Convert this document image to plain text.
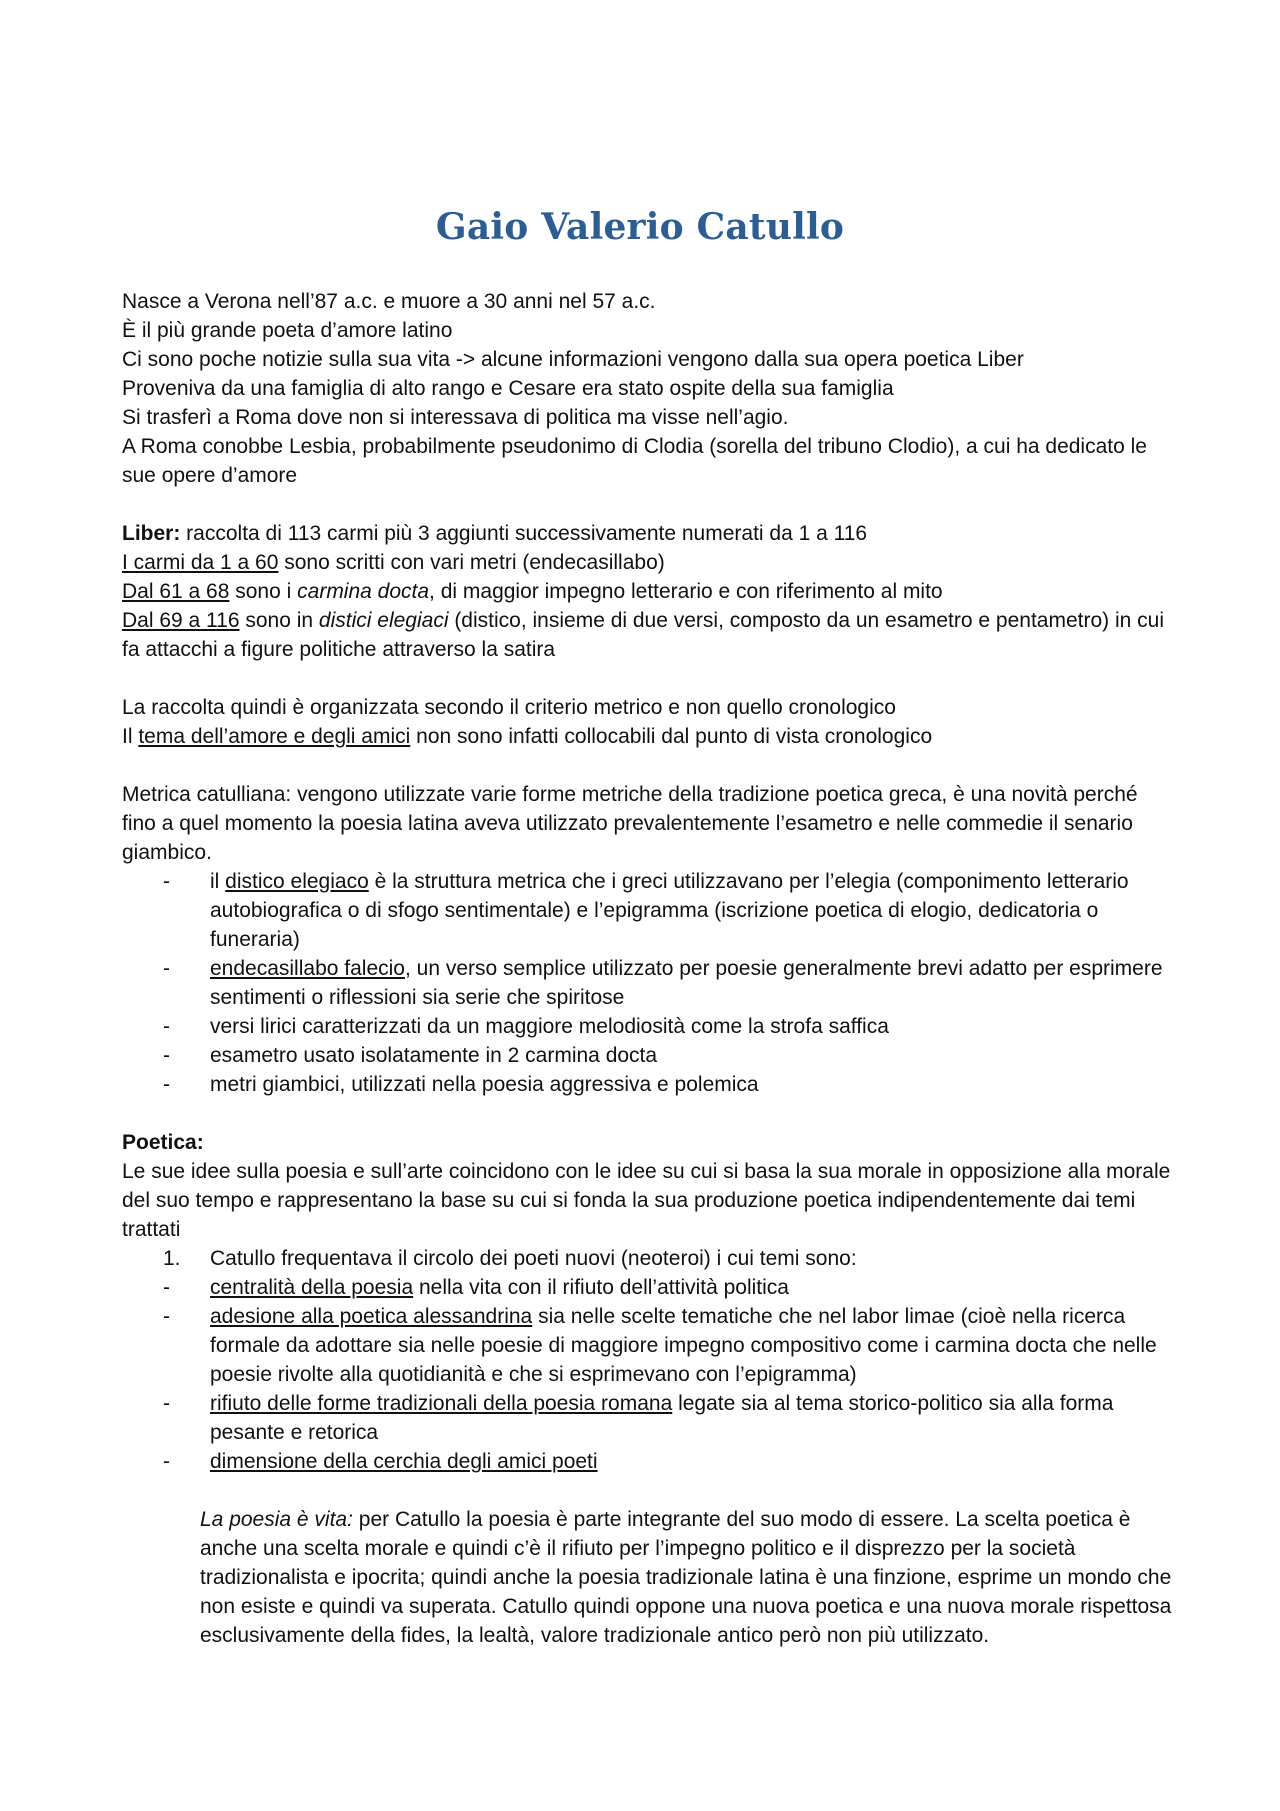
Gaio Valerio Catullo

Nasce a Verona nell’87 a.c. e muore a 30 anni nel 57 a.c.

È il più grande poeta d’amore latino

Ci sono poche notizie sulla sua vita -> alcune informazioni vengono dalla sua opera poetica Liber

Proveniva da una famiglia di alto rango e Cesare era stato ospite della sua famiglia

Si trasferì a Roma dove non si interessava di politica ma visse nell’agio.

A Roma conobbe Lesbia, probabilmente pseudonimo di Clodia (sorella del tribuno Clodio), a cui ha dedicato le sue opere d’amore

Liber: raccolta di 113 carmi più 3 aggiunti successivamente numerati da 1 a 116

I carmi da 1 a 60 sono scritti con vari metri (endecasillabo)

Dal 61 a 68 sono i carmina docta, di maggior impegno letterario e con riferimento al mito

Dal 69 a 116 sono in distici elegiaci (distico, insieme di due versi, composto da un esametro e pentametro) in cui fa attacchi a figure politiche attraverso la satira

La raccolta quindi è organizzata secondo il criterio metrico e non quello cronologico

Il tema dell’amore e degli amici non sono infatti collocabili dal punto di vista cronologico

Metrica catulliana: vengono utilizzate varie forme metriche della tradizione poetica greca, è una novità perché fino a quel momento la poesia latina aveva utilizzato prevalentemente l’esametro e nelle commedie il senario giambico.

-	il distico elegiaco è la struttura metrica che i greci utilizzavano per l’elegia (componimento letterario autobiografica o di sfogo sentimentale) e l’epigramma (iscrizione poetica di elogio, dedicatoria o funeraria)
-	endecasillabo falecio, un verso semplice utilizzato per poesie generalmente brevi adatto per esprimere sentimenti o riflessioni sia serie che spiritose
-	versi lirici caratterizzati da un maggiore melodiosità come la strofa saffica
-	esametro usato isolatamente in 2 carmina docta
-	metri giambici, utilizzati nella poesia aggressiva e polemica

Poetica:

Le sue idee sulla poesia e sull’arte coincidono con le idee su cui si basa la sua morale in opposizione alla morale del suo tempo e rappresentano la base su cui si fonda la sua produzione poetica indipendentemente dai temi trattati

1.	Catullo frequentava il circolo dei poeti nuovi (neoteroi) i cui temi sono:
-	centralità della poesia nella vita con il rifiuto dell’attività politica
-	adesione alla poetica alessandrina sia nelle scelte tematiche che nel labor limae (cioè nella ricerca formale da adottare sia nelle poesie di maggiore impegno compositivo come i carmina docta che nelle poesie rivolte alla quotidianità e che si esprimevano con l’epigramma)
-	rifiuto delle forme tradizionali della poesia romana legate sia al tema storico-politico sia alla forma pesante e retorica
-	dimensione della cerchia degli amici poeti

La poesia è vita: per Catullo la poesia è parte integrante del suo modo di essere. La scelta poetica è anche una scelta morale e quindi c’è il rifiuto per l’impegno politico e il disprezzo per la società tradizionalista e ipocrita; quindi anche la poesia tradizionale latina è una finzione, esprime un mondo che non esiste e quindi va superata. Catullo quindi oppone una nuova poetica e una nuova morale rispettosa esclusivamente della fides, la lealtà, valore tradizionale antico però non più utilizzato.
